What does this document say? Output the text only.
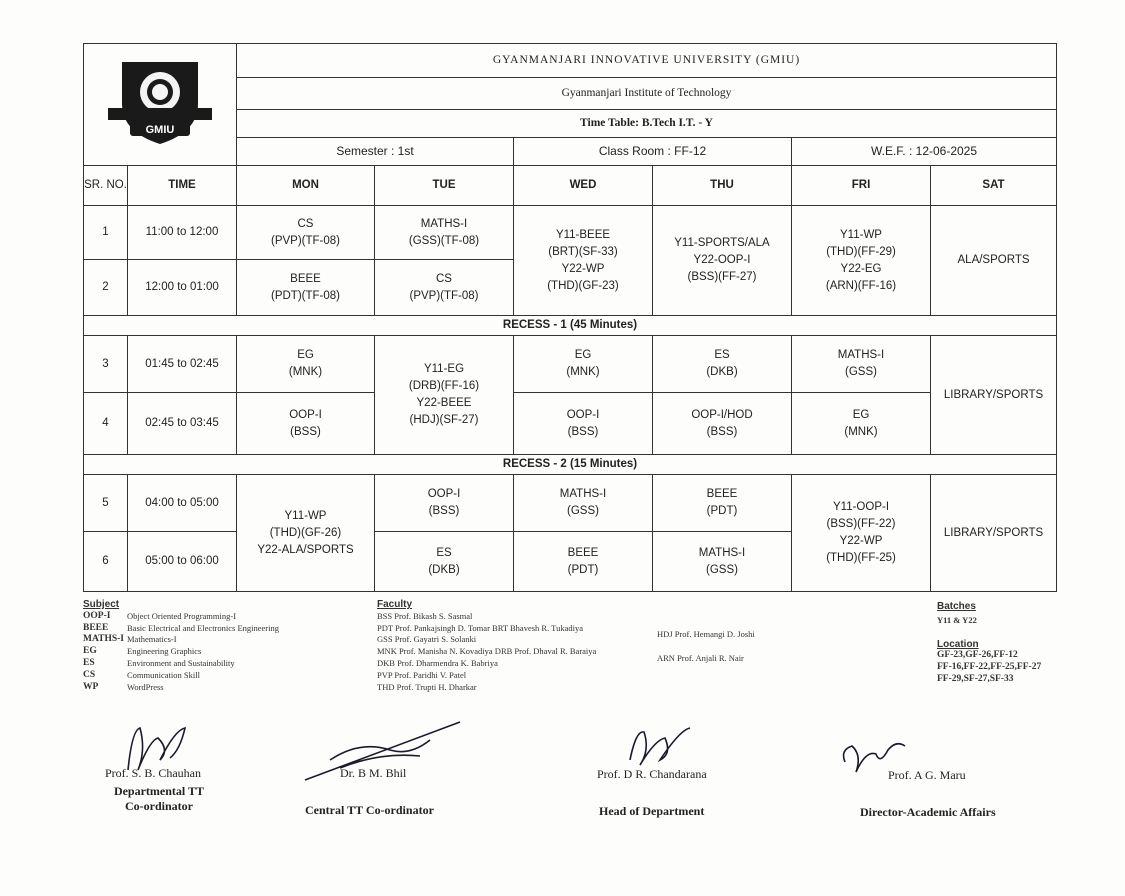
GMIU
		GYANMANJARI INNOVATIVE UNIVERSITY (GMIU)					
		Gyanmanjari Institute of Technology					
		Time Table: B.Tech I.T. - Y					
		Semester : 1st		Class Room : FF-12		W.E.F. : 12-06-2025	
SR. NO.	TIME	MON	TUE	WED	THU	FRI	SAT
1	11:00 to 12:00	CS
(PVP)(TF-08)	MATHS-I
(GSS)(TF-08)	Y11-BEEE
(BRT)(SF-33)
Y22-WP
(THD)(GF-23)	Y11-SPORTS/ALA
Y22-OOP-I
(BSS)(FF-27)	Y11-WP
(THD)(FF-29)
Y22-EG
(ARN)(FF-16)	ALA/SPORTS
2	12:00 to 01:00	BEEE
(PDT)(TF-08)	CS
(PVP)(TF-08)				
RECESS - 1 (45 Minutes)							
3	01:45 to 02:45	EG
(MNK)	Y11-EG
(DRB)(FF-16)
Y22-BEEE
(HDJ)(SF-27)	EG
(MNK)	ES
(DKB)	MATHS-I
(GSS)	LIBRARY/SPORTS
4	02:45 to 03:45	OOP-I
(BSS)		OOP-I
(BSS)	OOP-I/HOD
(BSS)	EG
(MNK)	
RECESS - 2 (15 Minutes)							
5	04:00 to 05:00	Y11-WP
(THD)(GF-26)
Y22-ALA/SPORTS	OOP-I
(BSS)	MATHS-I
(GSS)	BEEE
(PDT)	Y11-OOP-I
(BSS)(FF-22)
Y22-WP
(THD)(FF-25)	LIBRARY/SPORTS
6	05:00 to 06:00		ES
(DKB)	BEEE
(PDT)	MATHS-I
(GSS)		
Subject
OOP-I	Object Oriented Programming-I
BEEE	Basic Electrical and Electronics Engineering
MATHS-I Mathematics-I
EG	Engineering Graphics
ES	Environment and Sustainability
CS	Communication Skill
WP	WordPress
Faculty
BSS Prof. Bikash S. Sasmal
PDT Prof. Pankajsingh D. Tomar BRT Bhavesh R. Tukadiya
GSS Prof. Gayatri S. Solanki
MNK Prof. Manisha N. Kovadiya DRB Prof. Dhaval R. Baraiya
DKB Prof. Dharmendra K. Babriya
PVP Prof. Paridhi V. Patel
THD Prof. Trupti H. Dharkar
HDJ Prof. Hemangi D. Joshi
ARN Prof. Anjali R. Nair
Batches
Y11 & Y22
Location
GF-23,GF-26,FF-12
FF-16,FF-22,FF-25,FF-27
FF-29,SF-27,SF-33
Prof. S. B. Chauhan
Departmental TT
Co-ordinator
Dr. B M. Bhil
Central TT Co-ordinator
Prof. D R. Chandarana
Head of Department
Prof. A G. Maru
Director-Academic Affairs
